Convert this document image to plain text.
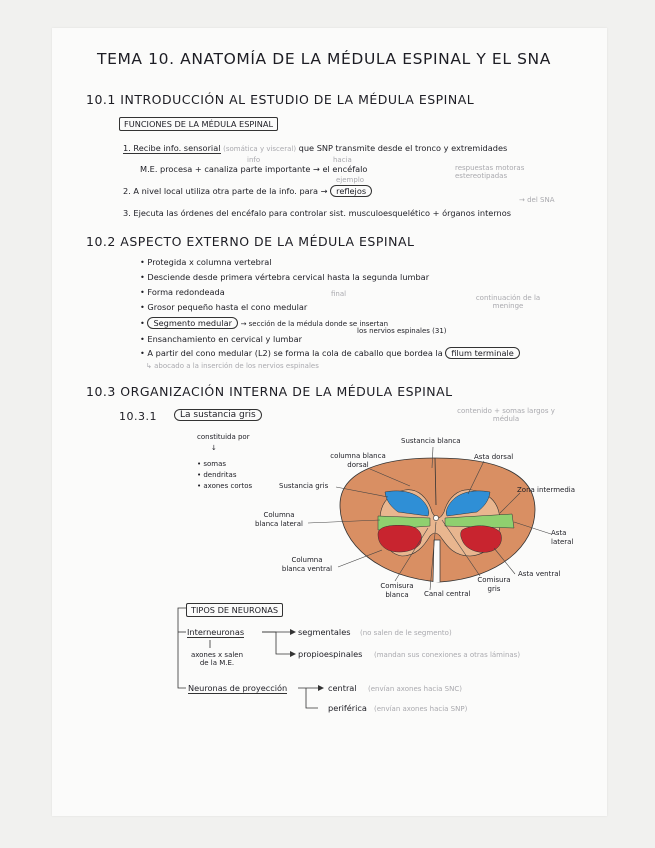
TEMA 10. ANATOMÍA DE LA MÉDULA ESPINAL Y EL SNA
10.1 INTRODUCCIÓN AL ESTUDIO DE LA MÉDULA ESPINAL
FUNCIONES DE LA MÉDULA ESPINAL
1. Recibe info. sensorial (somática y visceral) que SNP transmite desde el tronco y extremidades
info	hacia
M.E. procesa + canaliza parte importante → el encéfalo	respuestas motoras estereotipadas
ejemplo
2. A nivel local utiliza otra parte de la info. para → reflejos
→ del SNA
3. Ejecuta las órdenes del encéfalo para controlar sist. musculoesquelético + órganos internos
10.2 ASPECTO EXTERNO DE LA MÉDULA ESPINAL
• Protegida x columna vertebral
• Desciende desde primera vértebra cervical hasta la segunda lumbar
• Forma redondeada	final
• Grosor pequeño hasta el cono medular
continuación de la meninge
• Segmento medular → sección de la médula donde se insertan
los nervios espinales (31)
• Ensanchamiento en cervical y lumbar
• A partir del cono medular (L2) se forma la cola de caballo que bordea la filum terminale
↳ abocado a la inserción de los nervios espinales
10.3 ORGANIZACIÓN INTERNA DE LA MÉDULA ESPINAL
10.3.1	La sustancia gris	contenido + somas largos y médula
constituida por
↓
• somas
• dendritas
• axones cortos
columna blanca dorsal
Sustancia blanca
Asta dorsal
Sustancia gris	Zona intermedia
Columna blanca lateral
Asta lateral
Columna blanca ventral
Asta ventral
Comisura blanca	Canal central
Comisura gris
TIPOS DE NEURONAS
Interneuronas
axones x salen de la M.E.
segmentales (no salen de le segmento)
propioespinales (mandan sus conexiones a otras láminas)
Neuronas de proyección	central (envían axones hacia SNC)
periférica (envían axones hacia SNP)
